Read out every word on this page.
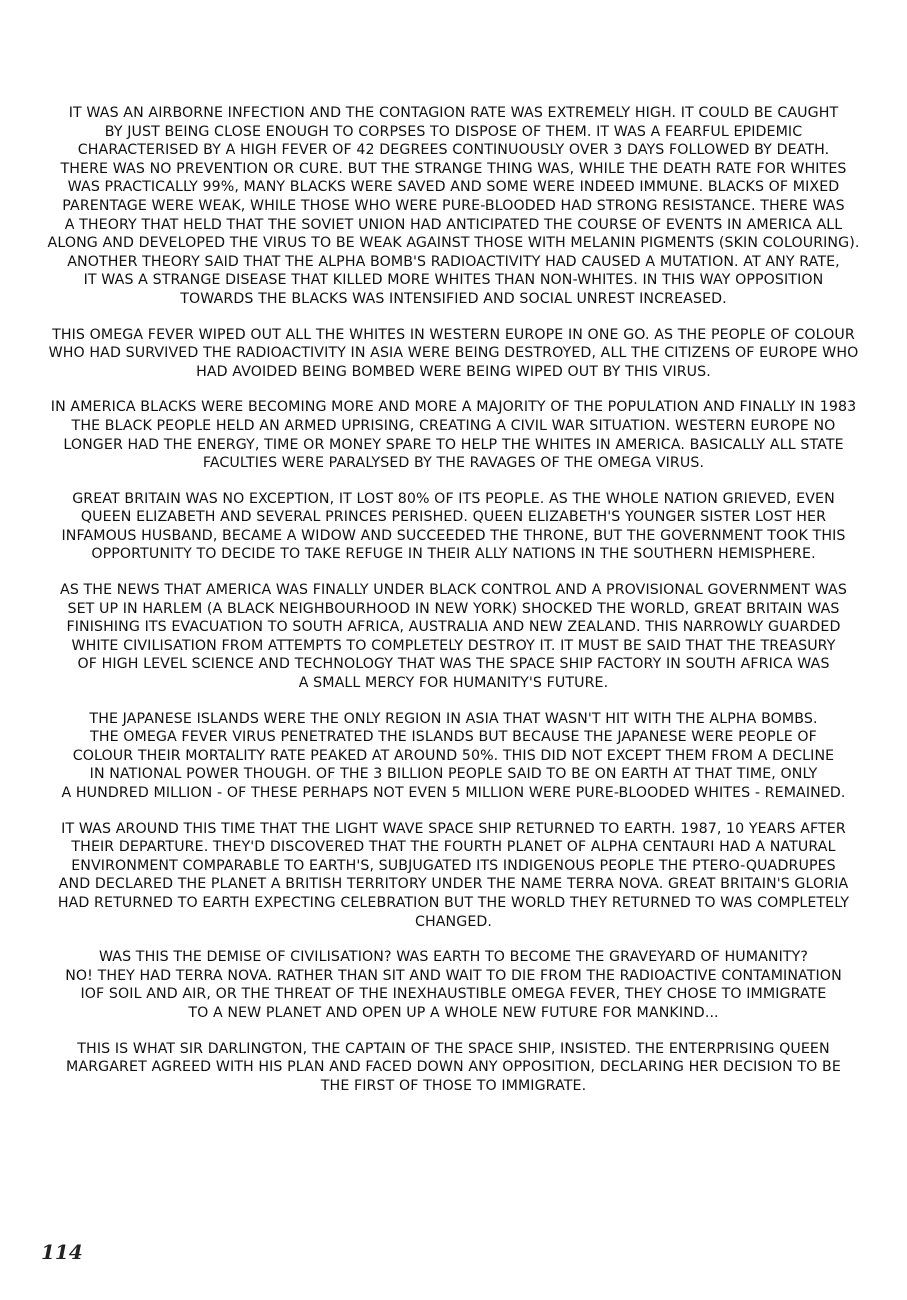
IT WAS AN AIRBORNE INFECTION AND THE CONTAGION RATE WAS EXTREMELY HIGH. IT COULD BE CAUGHT
BY JUST BEING CLOSE ENOUGH TO CORPSES TO DISPOSE OF THEM. IT WAS A FEARFUL EPIDEMIC
CHARACTERISED BY A HIGH FEVER OF 42 DEGREES CONTINUOUSLY OVER 3 DAYS FOLLOWED BY DEATH.
THERE WAS NO PREVENTION OR CURE. BUT THE STRANGE THING WAS, WHILE THE DEATH RATE FOR WHITES
WAS PRACTICALLY 99%, MANY BLACKS WERE SAVED AND SOME WERE INDEED IMMUNE. BLACKS OF MIXED
PARENTAGE WERE WEAK, WHILE THOSE WHO WERE PURE-BLOODED HAD STRONG RESISTANCE. THERE WAS
A THEORY THAT HELD THAT THE SOVIET UNION HAD ANTICIPATED THE COURSE OF EVENTS IN AMERICA ALL
ALONG AND DEVELOPED THE VIRUS TO BE WEAK AGAINST THOSE WITH MELANIN PIGMENTS (SKIN COLOURING).
ANOTHER THEORY SAID THAT THE ALPHA BOMB'S RADIOACTIVITY HAD CAUSED A MUTATION. AT ANY RATE,
IT WAS A STRANGE DISEASE THAT KILLED MORE WHITES THAN NON-WHITES. IN THIS WAY OPPOSITION
TOWARDS THE BLACKS WAS INTENSIFIED AND SOCIAL UNREST INCREASED.

THIS OMEGA FEVER WIPED OUT ALL THE WHITES IN WESTERN EUROPE IN ONE GO. AS THE PEOPLE OF COLOUR
WHO HAD SURVIVED THE RADIOACTIVITY IN ASIA WERE BEING DESTROYED, ALL THE CITIZENS OF EUROPE WHO
HAD AVOIDED BEING BOMBED WERE BEING WIPED OUT BY THIS VIRUS.

IN AMERICA BLACKS WERE BECOMING MORE AND MORE A MAJORITY OF THE POPULATION AND FINALLY IN 1983
THE BLACK PEOPLE HELD AN ARMED UPRISING, CREATING A CIVIL WAR SITUATION. WESTERN EUROPE NO
LONGER HAD THE ENERGY, TIME OR MONEY SPARE TO HELP THE WHITES IN AMERICA. BASICALLY ALL STATE
FACULTIES WERE PARALYSED BY THE RAVAGES OF THE OMEGA VIRUS.

GREAT BRITAIN WAS NO EXCEPTION, IT LOST 80% OF ITS PEOPLE. AS THE WHOLE NATION GRIEVED, EVEN
QUEEN ELIZABETH AND SEVERAL PRINCES PERISHED. QUEEN ELIZABETH'S YOUNGER SISTER LOST HER
INFAMOUS HUSBAND, BECAME A WIDOW AND SUCCEEDED THE THRONE, BUT THE GOVERNMENT TOOK THIS
OPPORTUNITY TO DECIDE TO TAKE REFUGE IN THEIR ALLY NATIONS IN THE SOUTHERN HEMISPHERE.

AS THE NEWS THAT AMERICA WAS FINALLY UNDER BLACK CONTROL AND A PROVISIONAL GOVERNMENT WAS
SET UP IN HARLEM (A BLACK NEIGHBOURHOOD IN NEW YORK) SHOCKED THE WORLD, GREAT BRITAIN WAS
FINISHING ITS EVACUATION TO SOUTH AFRICA, AUSTRALIA AND NEW ZEALAND. THIS NARROWLY GUARDED
WHITE CIVILISATION FROM ATTEMPTS TO COMPLETELY DESTROY IT. IT MUST BE SAID THAT THE TREASURY
OF HIGH LEVEL SCIENCE AND TECHNOLOGY THAT WAS THE SPACE SHIP FACTORY IN SOUTH AFRICA WAS
A SMALL MERCY FOR HUMANITY'S FUTURE.

THE JAPANESE ISLANDS WERE THE ONLY REGION IN ASIA THAT WASN'T HIT WITH THE ALPHA BOMBS.
THE OMEGA FEVER VIRUS PENETRATED THE ISLANDS BUT BECAUSE THE JAPANESE WERE PEOPLE OF
COLOUR THEIR MORTALITY RATE PEAKED AT AROUND 50%. THIS DID NOT EXCEPT THEM FROM A DECLINE
IN NATIONAL POWER THOUGH. OF THE 3 BILLION PEOPLE SAID TO BE ON EARTH AT THAT TIME, ONLY
A HUNDRED MILLION - OF THESE PERHAPS NOT EVEN 5 MILLION WERE PURE-BLOODED WHITES - REMAINED.

IT WAS AROUND THIS TIME THAT THE LIGHT WAVE SPACE SHIP RETURNED TO EARTH. 1987, 10 YEARS AFTER
THEIR DEPARTURE. THEY'D DISCOVERED THAT THE FOURTH PLANET OF ALPHA CENTAURI HAD A NATURAL
ENVIRONMENT COMPARABLE TO EARTH'S, SUBJUGATED ITS INDIGENOUS PEOPLE THE PTERO-QUADRUPES
AND DECLARED THE PLANET A BRITISH TERRITORY UNDER THE NAME TERRA NOVA. GREAT BRITAIN'S GLORIA
HAD RETURNED TO EARTH EXPECTING CELEBRATION BUT THE WORLD THEY RETURNED TO WAS COMPLETELY
CHANGED.

WAS THIS THE DEMISE OF CIVILISATION? WAS EARTH TO BECOME THE GRAVEYARD OF HUMANITY?
NO! THEY HAD TERRA NOVA. RATHER THAN SIT AND WAIT TO DIE FROM THE RADIOACTIVE CONTAMINATION
IOF SOIL AND AIR, OR THE THREAT OF THE INEXHAUSTIBLE OMEGA FEVER, THEY CHOSE TO IMMIGRATE
TO A NEW PLANET AND OPEN UP A WHOLE NEW FUTURE FOR MANKIND...

THIS IS WHAT SIR DARLINGTON, THE CAPTAIN OF THE SPACE SHIP, INSISTED. THE ENTERPRISING QUEEN
MARGARET AGREED WITH HIS PLAN AND FACED DOWN ANY OPPOSITION, DECLARING HER DECISION TO BE
THE FIRST OF THOSE TO IMMIGRATE.

114
